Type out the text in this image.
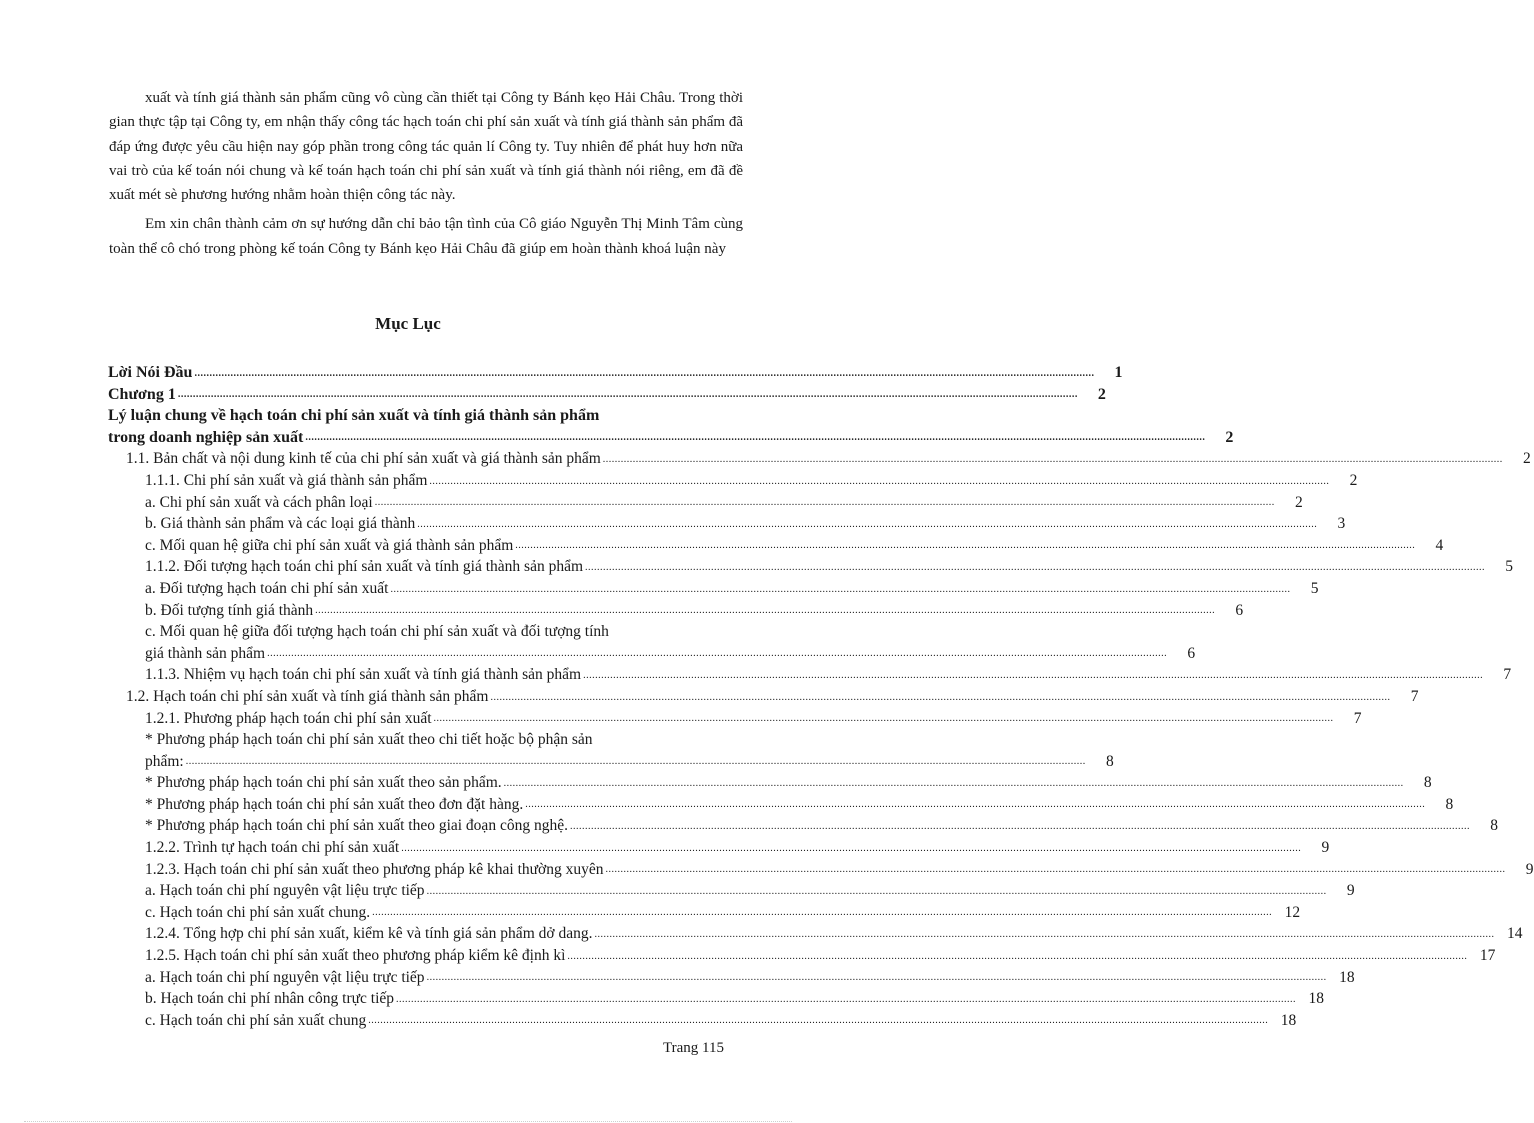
xuất và tính giá thành sản phẩm cũng vô cùng cần thiết tại Công ty Bánh kẹo Hải Châu. Trong thời gian thực tập tại Công ty, em nhận thấy công tác hạch toán chi phí sản xuất và tính giá thành sản phẩm đã đáp ứng được yêu cầu hiện nay góp phần trong công tác quản lí Công ty. Tuy nhiên để phát huy hơn nữa vai trò của kế toán nói chung và kế toán hạch toán chi phí sản xuất và tính giá thành nói riêng, em đã đề xuất mét sè phương hướng nhằm hoàn thiện công tác này.

Em xin chân thành cảm ơn sự hướng dẫn chỉ bảo tận tình của Cô giáo Nguyễn Thị Minh Tâm cùng toàn thể cô chó trong phòng kế toán Công ty Bánh kẹo Hải Châu đã giúp em hoàn thành khoá luận này

Mục Lục
Lời Nói Đầu ............................................................................................................................................................................................................................................................................................................	1
Chương 1 ............................................................................................................................................................................................................................................................................................................	2
Lý luận chung về hạch toán chi phí sản xuất và tính giá thành sản phẩm
trong doanh nghiệp sản xuất ............................................................................................................................................................................................................................................................................................................	2
1.1. Bản chất và nội dung kinh tế của chi phí sản xuất và giá thành sản phẩm ............................................................................................................................................................................................................................................................................................................	2
1.1.1. Chi phí sản xuất và giá thành sản phẩm ............................................................................................................................................................................................................................................................................................................	2
a. Chi phí sản xuất và cách phân loại ............................................................................................................................................................................................................................................................................................................	2
b. Giá thành sản phẩm và các loại giá thành ............................................................................................................................................................................................................................................................................................................	3
c. Mối quan hệ giữa chi phí sản xuất và giá thành sản phẩm ............................................................................................................................................................................................................................................................................................................	4
1.1.2. Đối tượng hạch toán chi phí sản xuất và tính giá thành sản phẩm ............................................................................................................................................................................................................................................................................................................	5
a. Đối tượng hạch toán chi phí sản xuất ............................................................................................................................................................................................................................................................................................................	5
b. Đối tượng tính giá thành ............................................................................................................................................................................................................................................................................................................	6
c. Mối quan hệ giữa đối tượng hạch toán chi phí sản xuất và đối tượng tính
giá thành sản phẩm ............................................................................................................................................................................................................................................................................................................	6
1.1.3. Nhiệm vụ hạch toán chi phí sản xuất và tính giá thành sản phẩm ............................................................................................................................................................................................................................................................................................................	7
1.2. Hạch toán chi phí sản xuất và tính giá thành sản phẩm ............................................................................................................................................................................................................................................................................................................	7
1.2.1. Phương pháp hạch toán chi phí sản xuất ............................................................................................................................................................................................................................................................................................................	7
* Phương pháp hạch toán chi phí sản xuất theo chi tiết hoặc bộ phận sản
phẩm: ............................................................................................................................................................................................................................................................................................................	8
* Phương pháp hạch toán chi phí sản xuất theo sản phẩm. ............................................................................................................................................................................................................................................................................................................	8
* Phương pháp hạch toán chi phí sản xuất theo đơn đặt hàng. ............................................................................................................................................................................................................................................................................................................	8
* Phương pháp hạch toán chi phí sản xuất theo giai đoạn công nghệ. ............................................................................................................................................................................................................................................................................................................	8
1.2.2. Trình tự hạch toán chi phí sản xuất ............................................................................................................................................................................................................................................................................................................	9
1.2.3. Hạch toán chi phí sản xuất theo phương pháp kê khai thường xuyên ............................................................................................................................................................................................................................................................................................................	9
a. Hạch toán chi phí nguyên vật liệu trực tiếp ............................................................................................................................................................................................................................................................................................................	9
c. Hạch toán chi phí sản xuất chung. ............................................................................................................................................................................................................................................................................................................ 12
1.2.4. Tổng hợp chi phí sản xuất, kiểm kê và tính giá sản phẩm dở dang. ............................................................................................................................................................................................................................................................................................................ 14
1.2.5. Hạch toán chi phí sản xuất theo phương pháp kiểm kê định kì ............................................................................................................................................................................................................................................................................................................ 17
a. Hạch toán chi phí nguyên vật liệu trực tiếp ............................................................................................................................................................................................................................................................................................................ 18
b. Hạch toán chi phí nhân công trực tiếp ............................................................................................................................................................................................................................................................................................................ 18
c. Hạch toán chi phí sản xuất chung ............................................................................................................................................................................................................................................................................................................ 18
Trang 115
